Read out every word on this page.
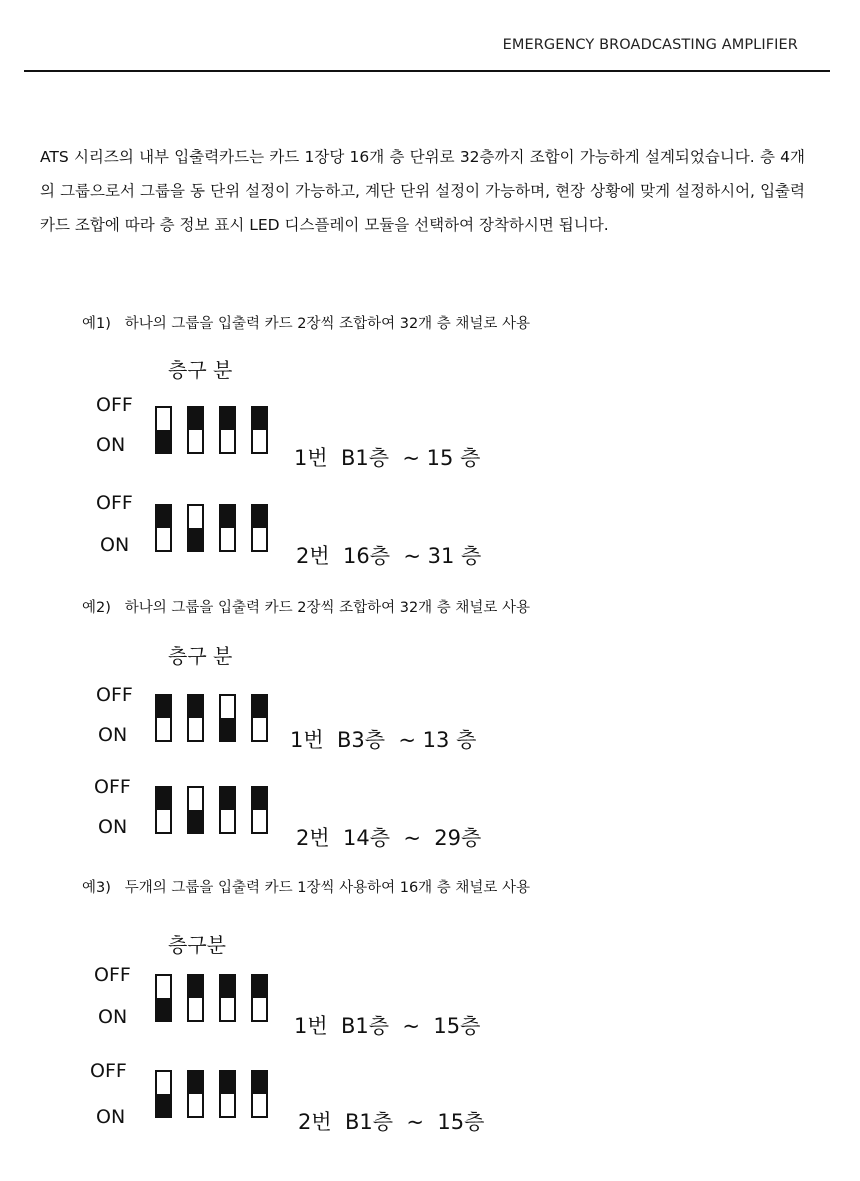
EMERGENCY BROADCASTING AMPLIFIER

ATS 시리즈의 내부 입출력카드는 카드 1장당 16개 층 단위로 32층까지 조합이 가능하게 설계되었습니다. 층 4개의 그룹으로서 그룹을 동 단위 설정이 가능하고, 계단 단위 설정이 가능하며, 현장 상황에 맞게 설정하시어, 입출력 카드 조합에 따라 층 정보 표시 LED 디스플레이 모듈을 선택하여 장착하시면 됩니다.

예1)   하나의 그룹을 입출력 카드 2장씩 조합하여 32개 층 채널로 사용
층구 분
OFF
ON
1번  B1층  ~ 15 층
OFF
ON	2번  16층  ~ 31 층
예2)   하나의 그룹을 입출력 카드 2장씩 조합하여 32개 층 채널로 사용
층구 분
OFF
ON	1번  B3층  ~ 13 층
OFF
ON	2번  14층  ~  29층
예3)   두개의 그룹을 입출력 카드 1장씩 사용하여 16개 층 채널로 사용
층구분
OFF
ON	1번  B1층  ~  15층
OFF
ON	2번  B1층  ~  15층
